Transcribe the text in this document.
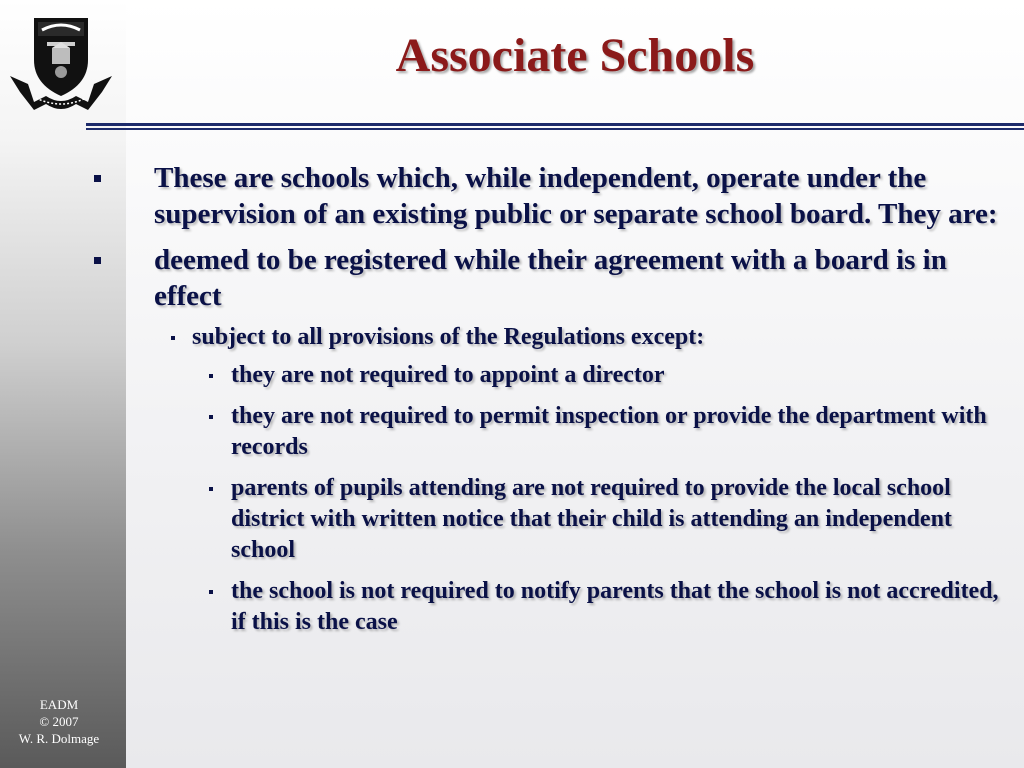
EADM
© 2007
W. R. Dolmage
Associate Schools
These are schools which, while independent, operate under the supervision of an existing public or separate school board. They are:
deemed to be registered while their agreement with a board is in effect
subject to all provisions of the Regulations except:
they are not required to appoint a director
they are not required to permit inspection or provide the department with records
parents of pupils attending are not required to provide the local school district with written notice that their child is attending an independent school
the school is not required to notify parents that the school is not accredited, if this is the case
